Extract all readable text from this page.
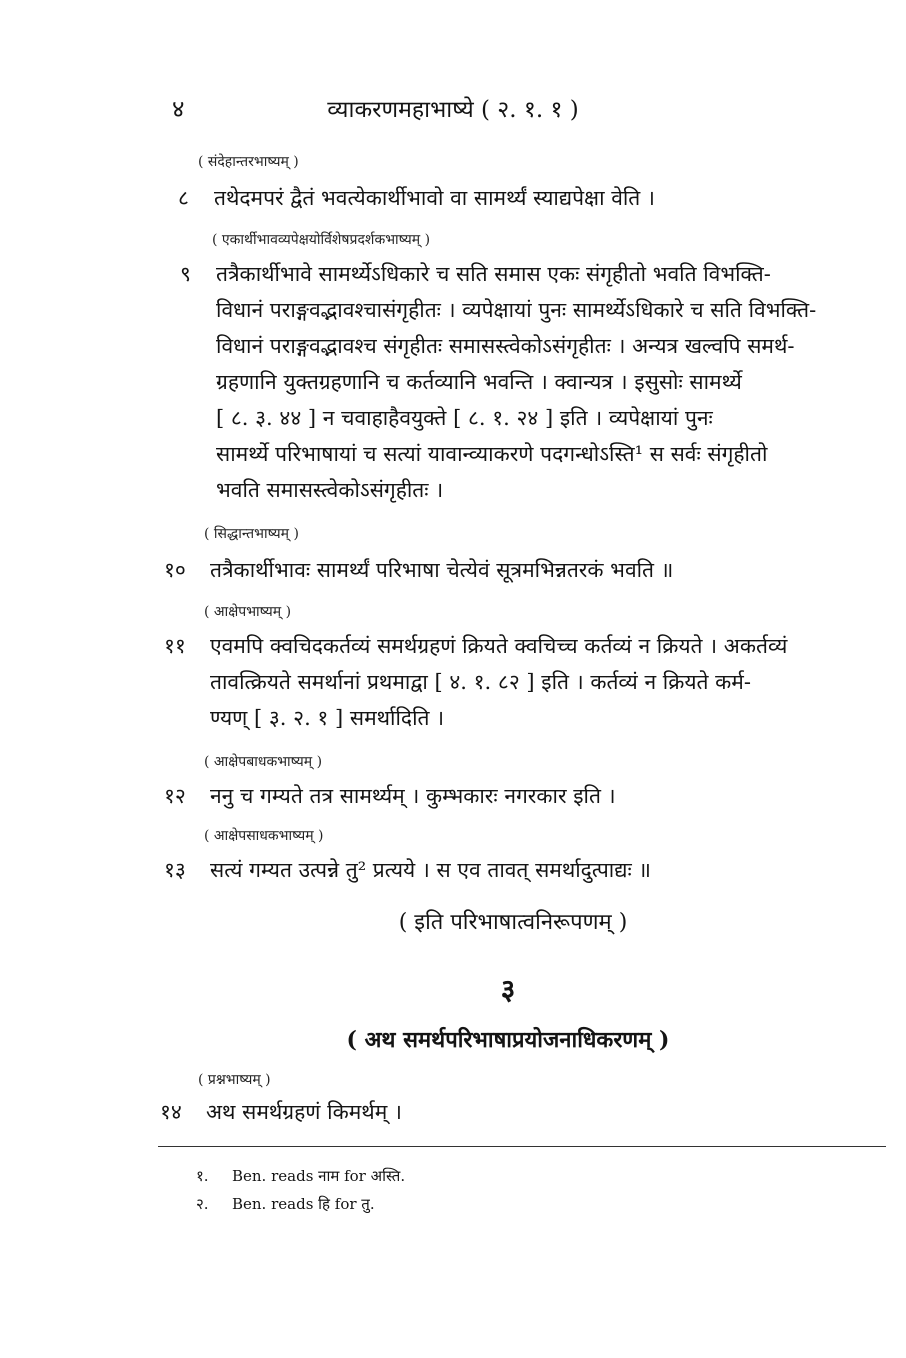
४	व्याकरणमहाभाष्ये ( २. १. १ )
( संदेहान्तरभाष्यम् )
८ तथेदमपरं द्वैतं भवत्येकार्थीभावो वा सामर्थ्यं स्याद्यपेक्षा वेति ।
( एकार्थीभावव्यपेक्षयोर्विशेषप्रदर्शकभाष्यम् )
९ तत्रैकार्थीभावे सामर्थ्येऽधिकारे च सति समास एकः संगृहीतो भवति विभक्ति-
विधानं पराङ्गवद्भावश्चासंगृहीतः । व्यपेक्षायां पुनः सामर्थ्येऽधिकारे च सति विभक्ति-
विधानं पराङ्गवद्भावश्च संगृहीतः समासस्त्वेकोऽसंगृहीतः । अन्यत्र खल्वपि समर्थ-
ग्रहणानि युक्तग्रहणानि च कर्तव्यानि भवन्ति । क्वान्यत्र । इसुसोः सामर्थ्ये
[ ८. ३. ४४ ] न चवाहाहैवयुक्ते [ ८. १. २४ ] इति । व्यपेक्षायां पुनः
सामर्थ्ये परिभाषायां च सत्यां यावान्व्याकरणे पदगन्धोऽस्ति¹ स सर्वः संगृहीतो
भवति समासस्त्वेकोऽसंगृहीतः ।
( सिद्धान्तभाष्यम् )
१० तत्रैकार्थीभावः सामर्थ्यं परिभाषा चेत्येवं सूत्रमभिन्नतरकं भवति ॥
( आक्षेपभाष्यम् )
११ एवमपि क्वचिदकर्तव्यं समर्थग्रहणं क्रियते क्वचिच्च कर्तव्यं न क्रियते । अकर्तव्यं
तावत्क्रियते समर्थानां प्रथमाद्वा [ ४. १. ८२ ] इति । कर्तव्यं न क्रियते कर्म-
ण्यण् [ ३. २. १ ] समर्थादिति ।
( आक्षेपबाधकभाष्यम् )
१२ ननु च गम्यते तत्र सामर्थ्यम् । कुम्भकारः नगरकार इति ।
( आक्षेपसाधकभाष्यम् )
१३ सत्यं गम्यत उत्पन्ने तु² प्रत्यये । स एव तावत् समर्थादुत्पाद्यः ॥
( इति परिभाषात्वनिरूपणम् )
३
( अथ समर्थपरिभाषाप्रयोजनाधिकरणम् )
( प्रश्नभाष्यम् )
१४ अथ समर्थग्रहणं किमर्थम् ।
१. Ben. reads नाम for अस्ति.
२. Ben. reads हि for तु.
